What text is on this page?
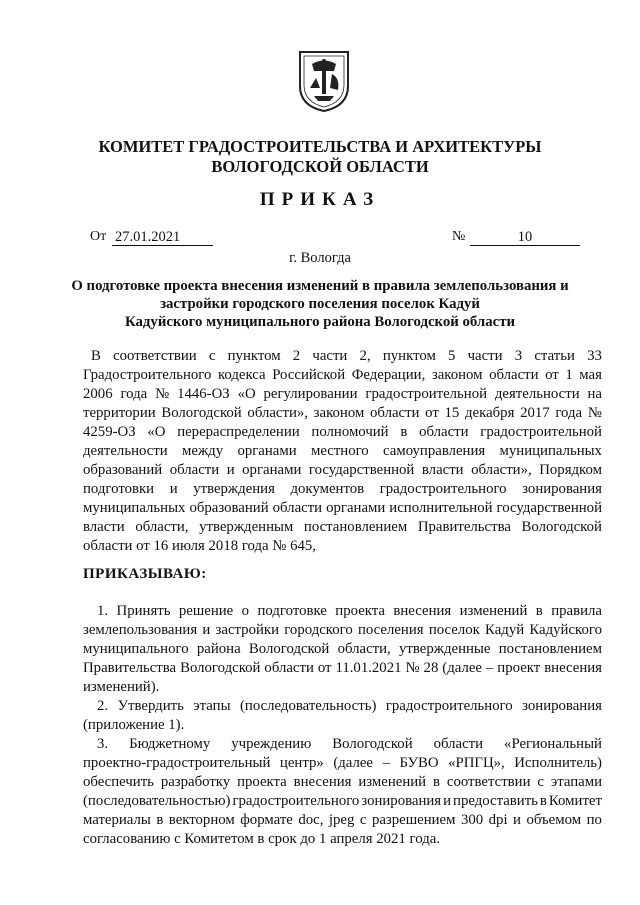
КОМИТЕТ ГРАДОСТРОИТЕЛЬСТВА И АРХИТЕКТУРЫ
ВОЛОГОДСКОЙ ОБЛАСТИ
ПРИКАЗ
От 27.01.2021	№	10
г. Вологда
О подготовке проекта внесения изменений в правила землепользования и
застройки городского поселения поселок Кадуй
Кадуйского муниципального района Вологодской области
В соответствии с пунктом 2 части 2, пунктом 5 части 3 статьи 33
Градостроительного кодекса Российской Федерации, законом области от 1 мая
2006 года № 1446-ОЗ «О регулировании градостроительной деятельности на
территории Вологодской области», законом области от 15 декабря 2017 года №
4259-ОЗ «О перераспределении полномочий в области градостроительной
деятельности между органами местного самоуправления муниципальных
образований области и органами государственной власти области», Порядком
подготовки и утверждения документов градостроительного зонирования
муниципальных образований области органами исполнительной государственной
власти области, утвержденным постановлением Правительства Вологодской
области от 16 июля 2018 года № 645,
ПРИКАЗЫВАЮ:
1. Принять решение о подготовке проекта внесения изменений в правила
землепользования и застройки городского поселения поселок Кадуй Кадуйского
муниципального района Вологодской области, утвержденные постановлением
Правительства Вологодской области от 11.01.2021 № 28 (далее – проект внесения
изменений).
2. Утвердить этапы (последовательность) градостроительного зонирования
(приложение 1).
3. Бюджетному учреждению Вологодской области «Региональный
проектно-градостроительный центр» (далее – БУВО «РПГЦ», Исполнитель)
обеспечить разработку проекта внесения изменений в соответствии с этапами
(последовательностью) градостроительного зонирования и предоставить в Комитет
материалы в векторном формате doc, jpeg с разрешением 300 dpi и объемом по
согласованию с Комитетом в срок до 1 апреля 2021 года.
